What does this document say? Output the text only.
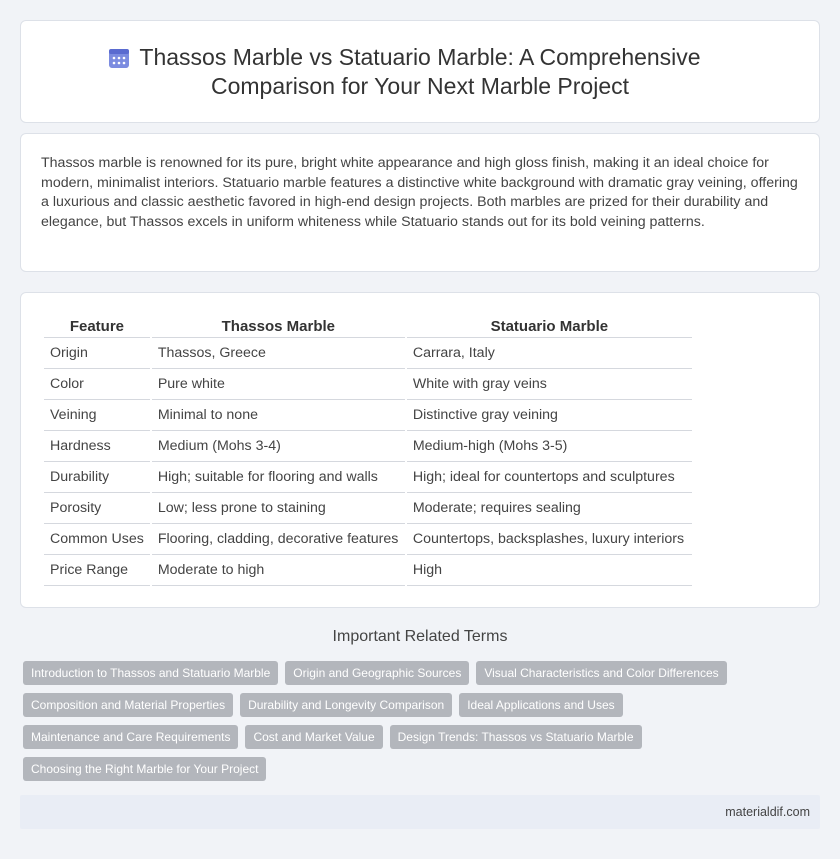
Thassos Marble vs Statuario Marble: A Comprehensive Comparison for Your Next Marble Project

Thassos marble is renowned for its pure, bright white appearance and high gloss finish, making it an ideal choice for modern, minimalist interiors. Statuario marble features a distinctive white background with dramatic gray veining, offering a luxurious and classic aesthetic favored in high-end design projects. Both marbles are prized for their durability and elegance, but Thassos excels in uniform whiteness while Statuario stands out for its bold veining patterns.

Feature	Thassos Marble	Statuario Marble
Origin	Thassos, Greece	Carrara, Italy
Color	Pure white	White with gray veins
Veining	Minimal to none	Distinctive gray veining
Hardness	Medium (Mohs 3-4)	Medium-high (Mohs 3-5)
Durability	High; suitable for flooring and walls	High; ideal for countertops and sculptures
Porosity	Low; less prone to staining	Moderate; requires sealing
Common Uses	Flooring, cladding, decorative features	Countertops, backsplashes, luxury interiors
Price Range	Moderate to high	High
Important Related Terms
Introduction to Thassos and Statuario Marble	Origin and Geographic Sources	Visual Characteristics and Color Differences
Composition and Material Properties	Durability and Longevity Comparison	Ideal Applications and Uses
Maintenance and Care Requirements	Cost and Market Value	Design Trends: Thassos vs Statuario Marble
Choosing the Right Marble for Your Project
materialdif.com
